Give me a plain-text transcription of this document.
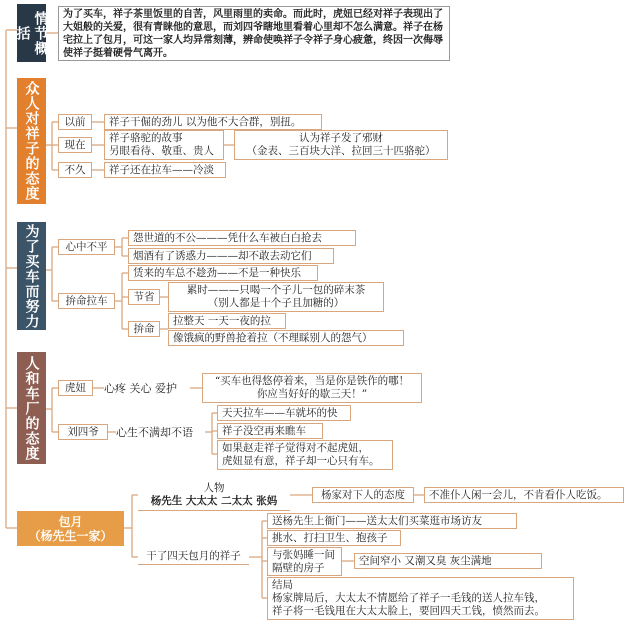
情节概括
众人对祥子的态度
为了买车而努力
人和车厂的态度
包月
（杨先生一家）
为了买车，祥子茶里饭里的自苦，风里雨里的卖命。而此时，虎妞已经对祥子表现出了大姐般的关爱，很有青睐他的意思，而刘四爷瞎地里看着心里却不怎么满意。祥子在杨宅拉上了包月，可这一家人均异常刻薄，辨命使唤祥子令祥子身心疲惫，终因一次侮辱使祥子挺着硬骨气离开。
以前	祥子干倔的劲儿 以为他不大合群，别扭。
现在
祥子骆驼的故事
另眼看待、敬重、贵人
认为祥子发了邪财
（金表、三百块大洋、拉回三十匹骆驼）
不久	祥子还在拉车——冷淡
心中不平
怨世道的不公———凭什么车被白白抢去
烟酒有了诱惑力———却不敢去动它们
拚命拉车
赁来的车总不趁劲——不是一种快乐
节省
累时———只喝一个子儿一包的碎末茶
（别人都是十个子且加糖的）
拚命
拉整天 一天一夜的拉
像饿疯的野兽抢着拉（不理睬别人的怨气）
虎妞	心疼 关心 爱护
“买车也得悠停着来，当是你是铁作的哪！
你应当好好的歇三天！”
刘四爷	心生不满却不语
天天拉车——车就坏的快
祥子没空再来瞧车
如果赵走祥子觉得对不起虎妞，
虎妞显有意，祥子却一心只有车。
人物
杨先生 大太太 二太太 张妈	杨家对下人的态度	不准仆人闲一会儿，不肯看仆人吃饭。
干了四天包月的祥子
送杨先生上衙门——送太太们买菜逛市场访友
挑水、打扫卫生、抱孩子
与张妈睡一间
隔壁的房子
空间窄小 又潮又臭 灰尘满地
结局
杨家牌局后，大太太不情愿给了祥子一毛钱的送人拉车钱，
祥子将一毛钱甩在大太太脸上，要回四天工钱，愤然而去。
